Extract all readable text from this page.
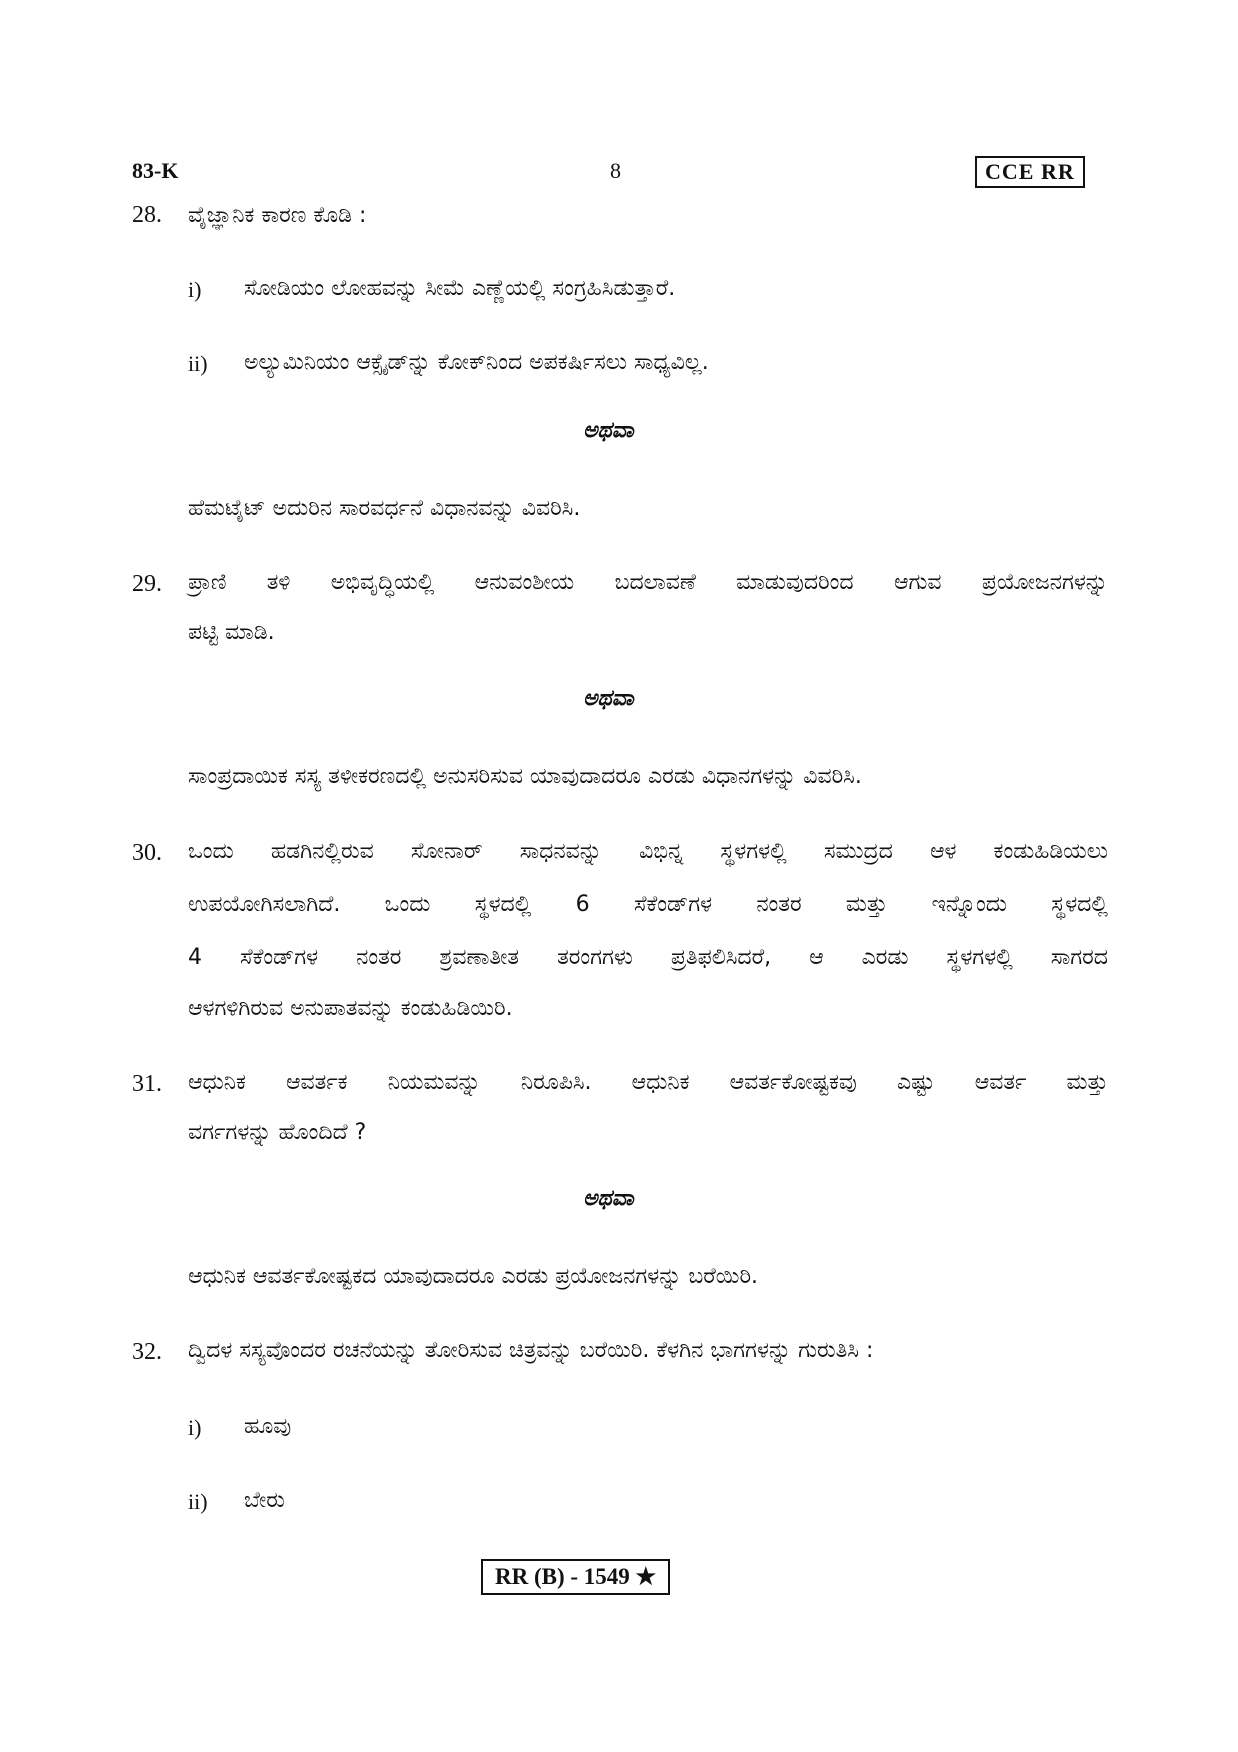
83-K	8	CCE RR
28. ವೈಜ್ಞಾನಿಕ ಕಾರಣ ಕೊಡಿ :
i) ಸೋಡಿಯಂ ಲೋಹವನ್ನು ಸೀಮೆ ಎಣ್ಣೆಯಲ್ಲಿ ಸಂಗ್ರಹಿಸಿಡುತ್ತಾರೆ.
ii) ಅಲ್ಯುಮಿನಿಯಂ ಆಕ್ಸೈಡ್‌ನ್ನು ಕೋಕ್‌ನಿಂದ ಅಪಕರ್ಷಿಸಲು ಸಾಧ್ಯವಿಲ್ಲ.
ಅಥವಾ
ಹೆಮಟೈಟ್ ಅದುರಿನ ಸಾರವರ್ಧನೆ ವಿಧಾನವನ್ನು ವಿವರಿಸಿ.
29. ಪ್ರಾಣಿ ತಳಿ ಅಭಿವೃದ್ಧಿಯಲ್ಲಿ ಆನುವಂಶೀಯ ಬದಲಾವಣೆ ಮಾಡುವುದರಿಂದ ಆಗುವ ಪ್ರಯೋಜನಗಳನ್ನು
ಪಟ್ಟಿ ಮಾಡಿ.
ಅಥವಾ
ಸಾಂಪ್ರದಾಯಿಕ ಸಸ್ಯ ತಳೀಕರಣದಲ್ಲಿ ಅನುಸರಿಸುವ ಯಾವುದಾದರೂ ಎರಡು ವಿಧಾನಗಳನ್ನು ವಿವರಿಸಿ.
30. ಒಂದು ಹಡಗಿನಲ್ಲಿರುವ ಸೋನಾರ್ ಸಾಧನವನ್ನು ವಿಭಿನ್ನ ಸ್ಥಳಗಳಲ್ಲಿ ಸಮುದ್ರದ ಆಳ ಕಂಡುಹಿಡಿಯಲು
ಉಪಯೋಗಿಸಲಾಗಿದೆ. ಒಂದು ಸ್ಥಳದಲ್ಲಿ 6 ಸೆಕೆಂಡ್‌ಗಳ ನಂತರ ಮತ್ತು ಇನ್ನೊಂದು ಸ್ಥಳದಲ್ಲಿ
4 ಸೆಕೆಂಡ್‌ಗಳ ನಂತರ ಶ್ರವಣಾತೀತ ತರಂಗಗಳು ಪ್ರತಿಫಲಿಸಿದರೆ, ಆ ಎರಡು ಸ್ಥಳಗಳಲ್ಲಿ ಸಾಗರದ
ಆಳಗಳಿಗಿರುವ ಅನುಪಾತವನ್ನು ಕಂಡುಹಿಡಿಯಿರಿ.
31. ಆಧುನಿಕ ಆವರ್ತಕ ನಿಯಮವನ್ನು ನಿರೂಪಿಸಿ. ಆಧುನಿಕ ಆವರ್ತಕೋಷ್ಟಕವು ಎಷ್ಟು ಆವರ್ತ ಮತ್ತು
ವರ್ಗಗಳನ್ನು ಹೊಂದಿದೆ ?
ಅಥವಾ
ಆಧುನಿಕ ಆವರ್ತಕೋಷ್ಟಕದ ಯಾವುದಾದರೂ ಎರಡು ಪ್ರಯೋಜನಗಳನ್ನು ಬರೆಯಿರಿ.
32. ದ್ವಿದಳ ಸಸ್ಯವೊಂದರ ರಚನೆಯನ್ನು ತೋರಿಸುವ ಚಿತ್ರವನ್ನು ಬರೆಯಿರಿ. ಕೆಳಗಿನ ಭಾಗಗಳನ್ನು ಗುರುತಿಸಿ :
i) ಹೂವು
ii) ಬೇರು
RR (B) - 1549 ★
